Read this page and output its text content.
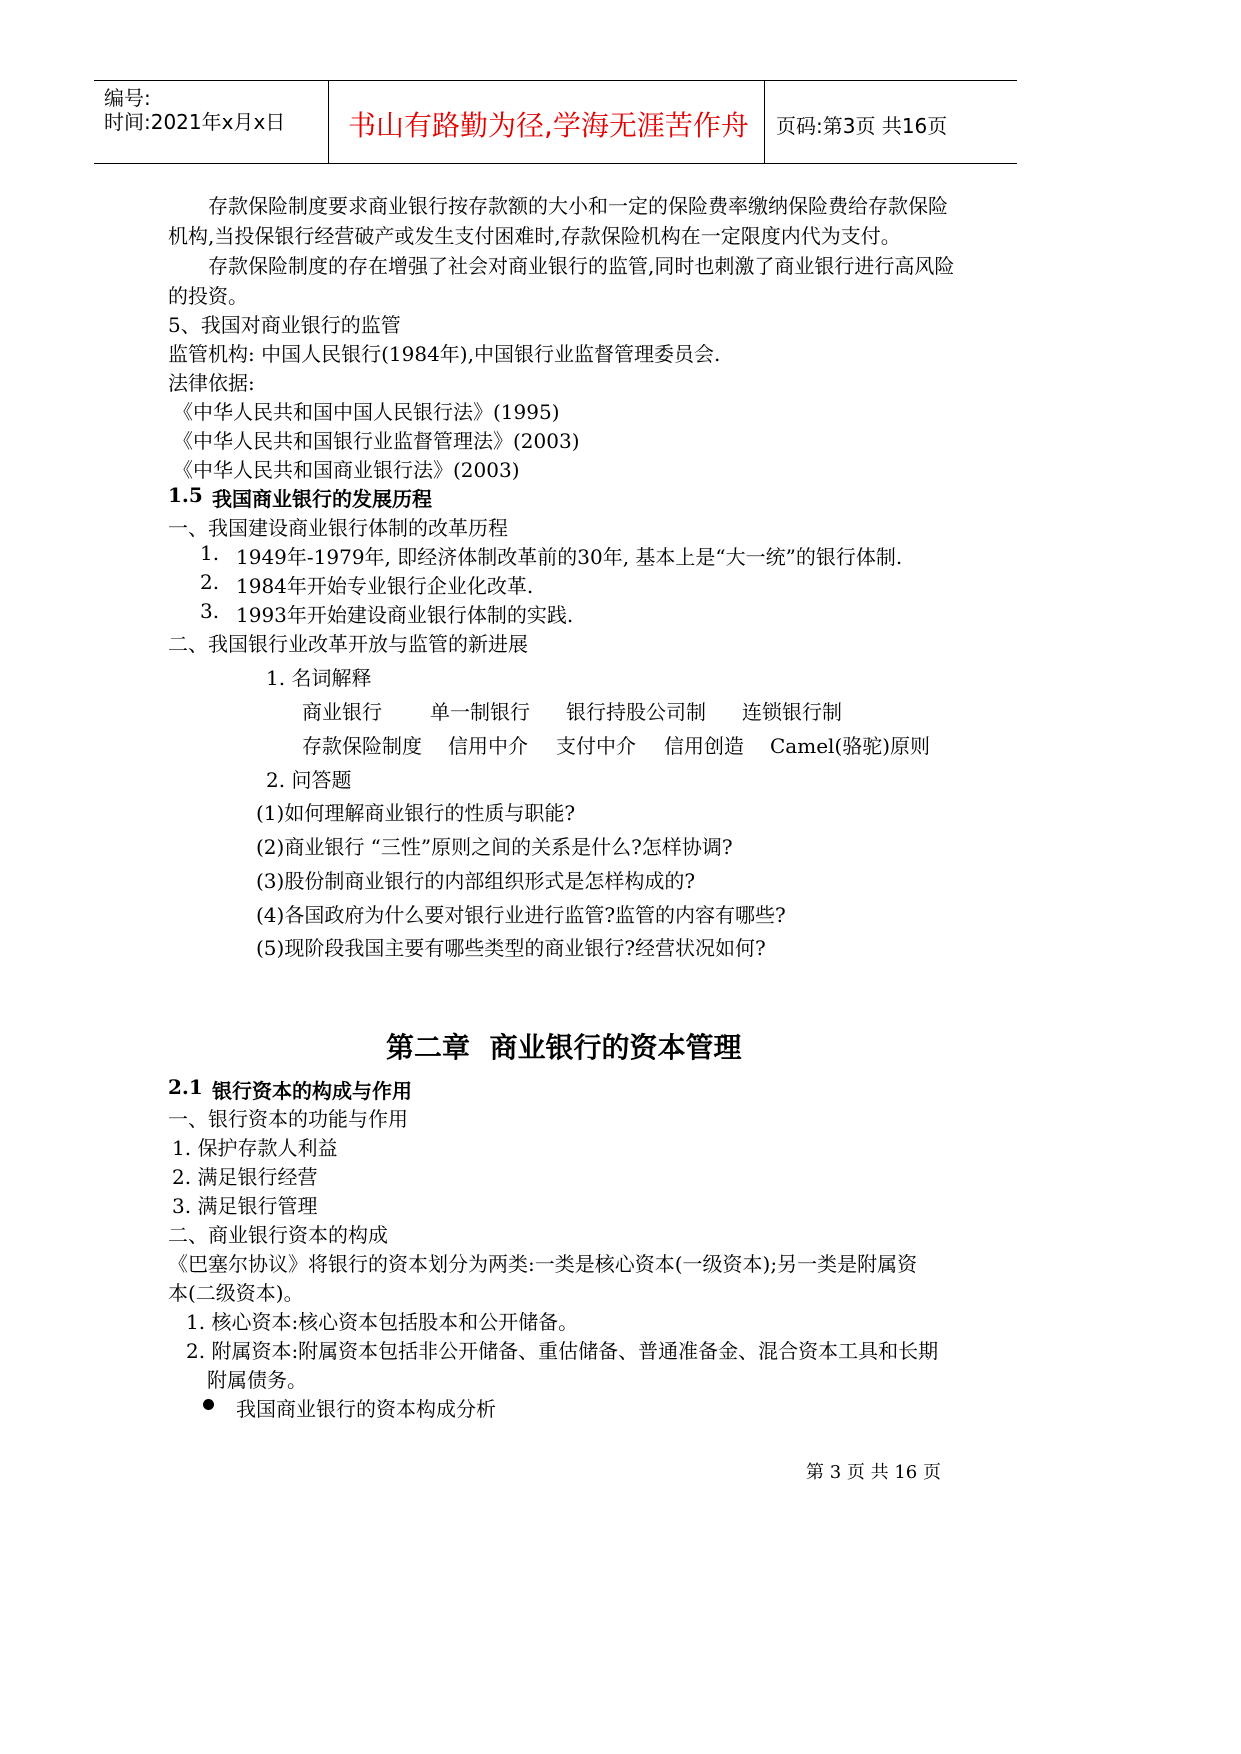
编号:
时间:2021年x月x日 书山有路勤为径,学海无涯苦作舟 页码:第3页 共16页
存款保险制度要求商业银行按存款额的大小和一定的保险费率缴纳保险费给存款保险
机构,当投保银行经营破产或发生支付困难时,存款保险机构在一定限度内代为支付。
存款保险制度的存在增强了社会对商业银行的监管,同时也刺激了商业银行进行高风险
的投资。
5、我国对商业银行的监管
监管机构: 中国人民银行(1984年),中国银行业监督管理委员会.
法律依据:
《中华人民共和国中国人民银行法》(1995)
《中华人民共和国银行业监督管理法》(2003)
《中华人民共和国商业银行法》(2003)
1.5 我国商业银行的发展历程
一、我国建设商业银行体制的改革历程
1. 1949年-1979年, 即经济体制改革前的30年, 基本上是“大一统”的银行体制.
2. 1984年开始专业银行企业化改革.
3. 1993年开始建设商业银行体制的实践.
二、我国银行业改革开放与监管的新进展
1. 名词解释
商业银行 单一制银行 银行持股公司制 连锁银行制
存款保险制度 信用中介 支付中介 信用创造 Camel(骆驼)原则
2. 问答题
(1)如何理解商业银行的性质与职能?
(2)商业银行 “三性”原则之间的关系是什么?怎样协调?
(3)股份制商业银行的内部组织形式是怎样构成的?
(4)各国政府为什么要对银行业进行监管?监管的内容有哪些?
(5)现阶段我国主要有哪些类型的商业银行?经营状况如何?
第二章  商业银行的资本管理
2.1 银行资本的构成与作用
一、银行资本的功能与作用
1. 保护存款人利益
2. 满足银行经营
3. 满足银行管理
二、商业银行资本的构成
《巴塞尔协议》将银行的资本划分为两类:一类是核心资本(一级资本);另一类是附属资
本(二级资本)。
1. 核心资本:核心资本包括股本和公开储备。
2. 附属资本:附属资本包括非公开储备、重估储备、普通准备金、混合资本工具和长期
附属债务。
我国商业银行的资本构成分析
第 3 页 共 16 页
